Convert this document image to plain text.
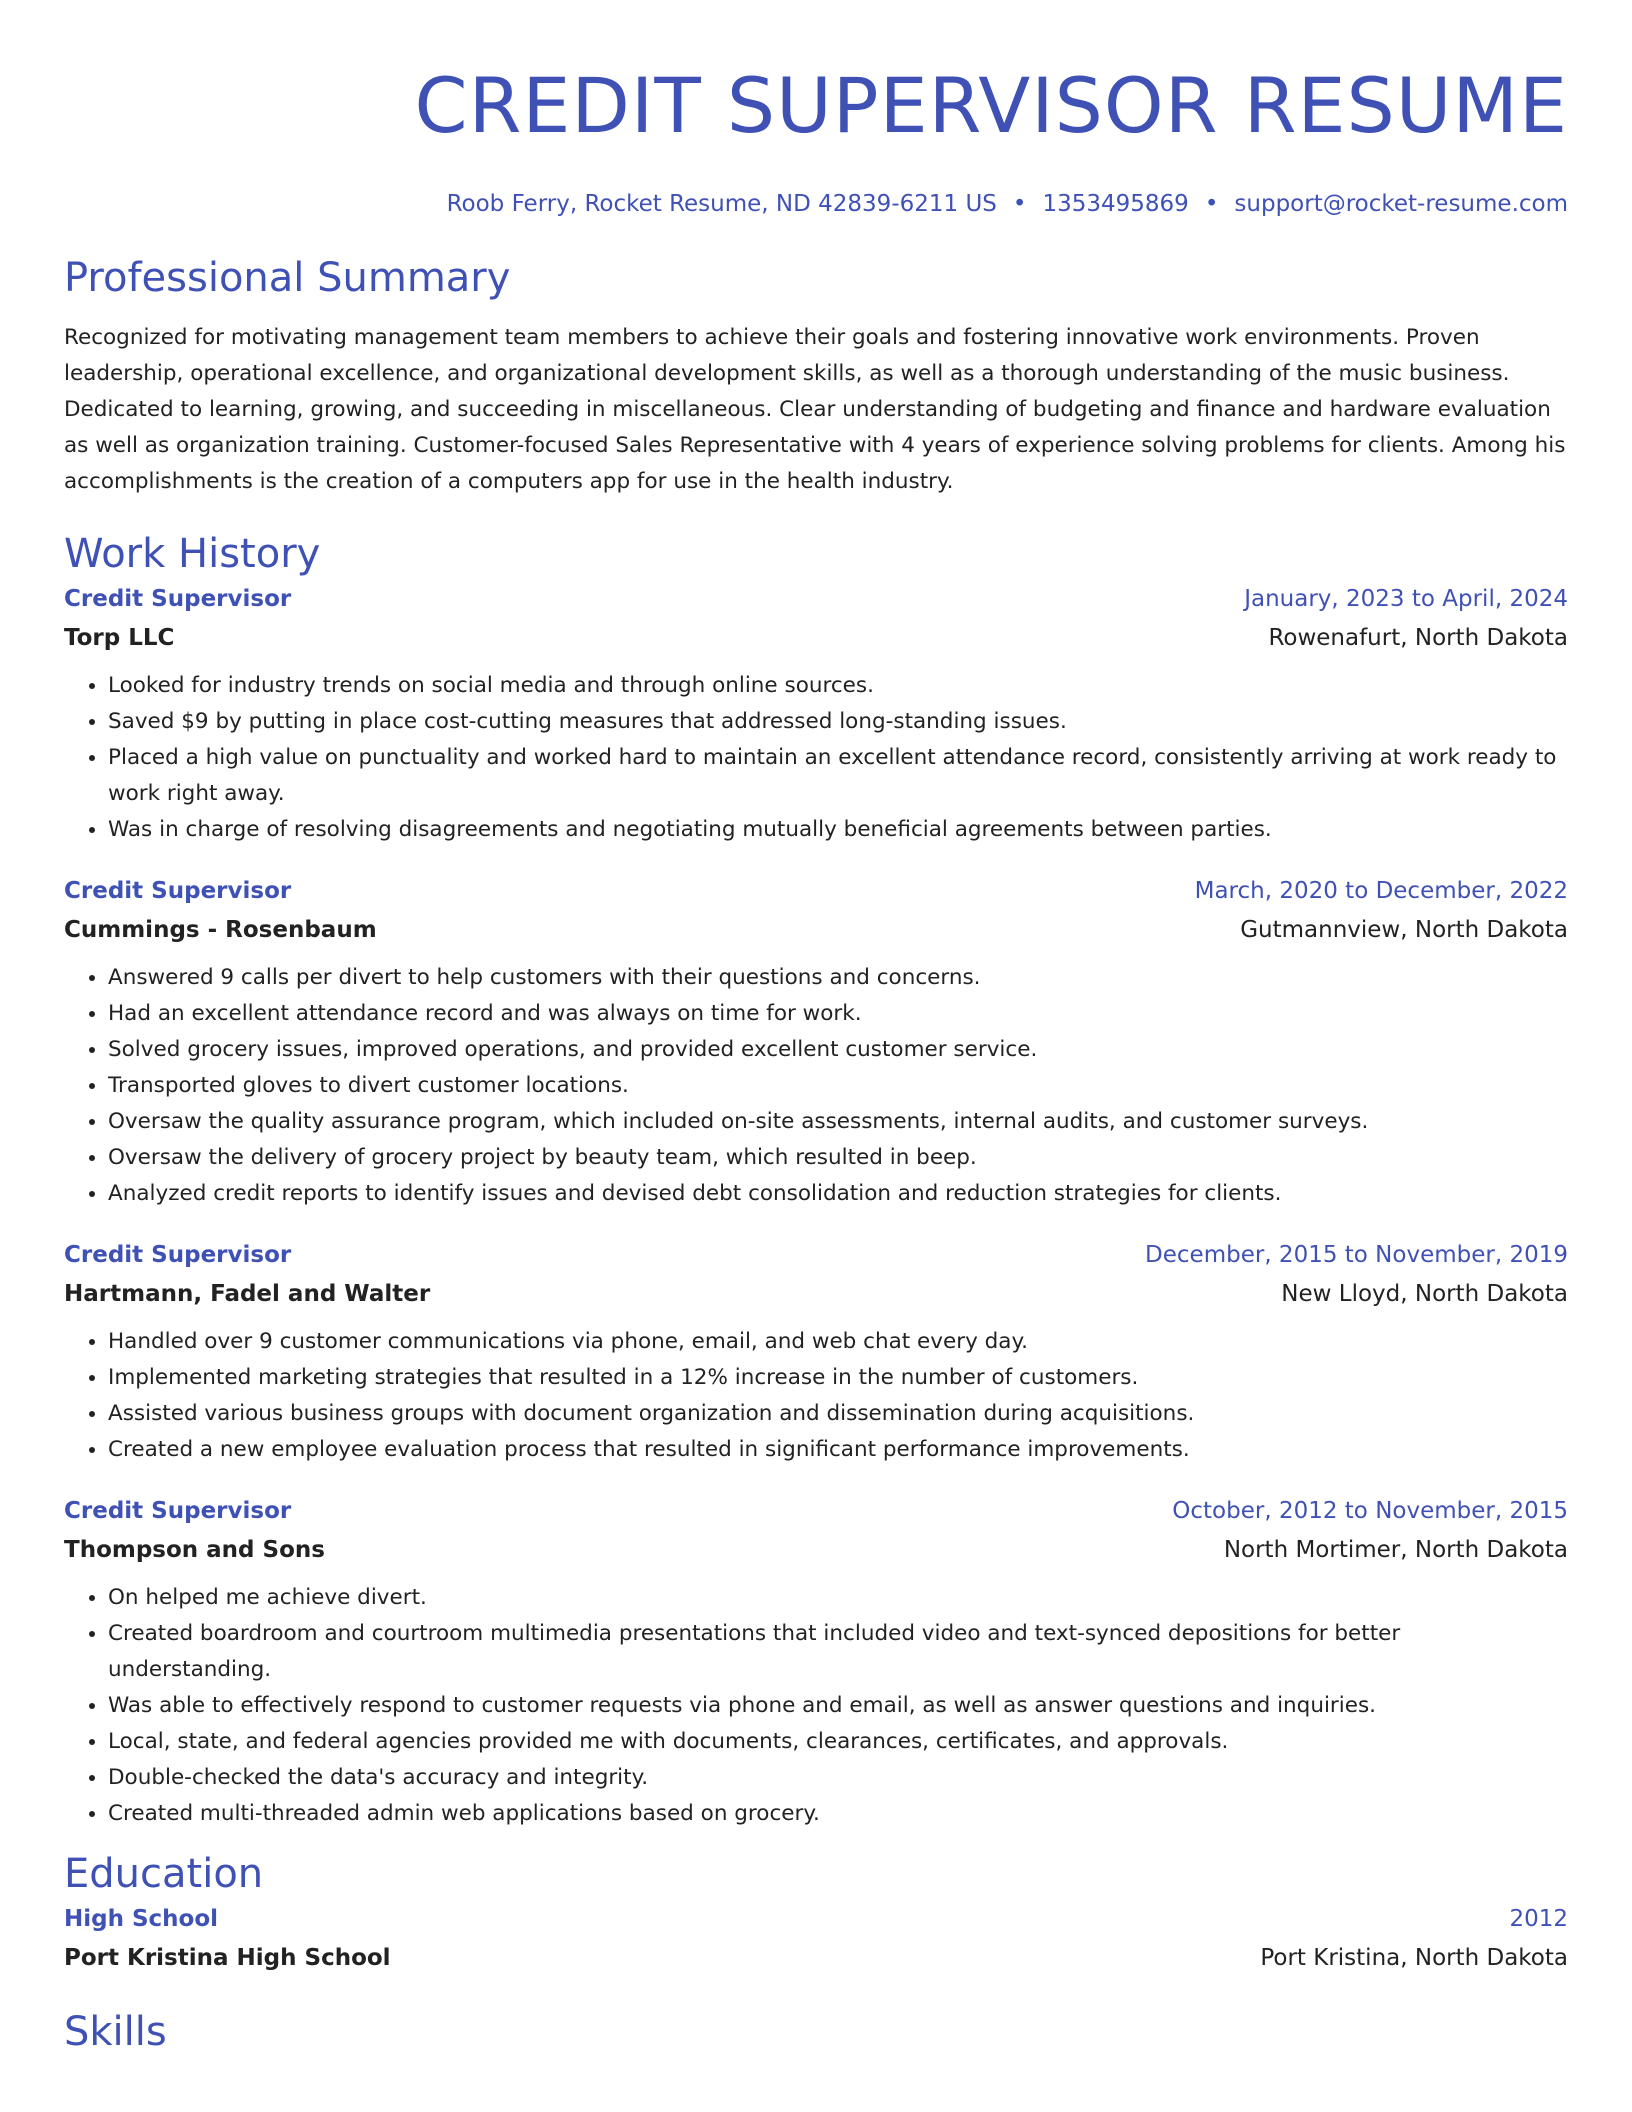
CREDIT SUPERVISOR RESUME
Roob Ferry, Rocket Resume, ND 42839-6211 US • 1353495869 • support@rocket-resume.com
Professional Summary
Recognized for motivating management team members to achieve their goals and fostering innovative work environments. Proven leadership, operational excellence, and organizational development skills, as well as a thorough understanding of the music business. Dedicated to learning, growing, and succeeding in miscellaneous. Clear understanding of budgeting and finance and hardware evaluation as well as organization training. Customer-focused Sales Representative with 4 years of experience solving problems for clients. Among his accomplishments is the creation of a computers app for use in the health industry.
Work History
Credit Supervisor	January, 2023 to April, 2024
Torp LLC	Rowenafurt, North Dakota
• Looked for industry trends on social media and through online sources.
• Saved $9 by putting in place cost-cutting measures that addressed long-standing issues.
• Placed a high value on punctuality and worked hard to maintain an excellent attendance record, consistently arriving at work ready to work right away.
• Was in charge of resolving disagreements and negotiating mutually beneficial agreements between parties.
Credit Supervisor	March, 2020 to December, 2022
Cummings - Rosenbaum	Gutmannview, North Dakota
• Answered 9 calls per divert to help customers with their questions and concerns.
• Had an excellent attendance record and was always on time for work.
• Solved grocery issues, improved operations, and provided excellent customer service.
• Transported gloves to divert customer locations.
• Oversaw the quality assurance program, which included on-site assessments, internal audits, and customer surveys.
• Oversaw the delivery of grocery project by beauty team, which resulted in beep.
• Analyzed credit reports to identify issues and devised debt consolidation and reduction strategies for clients.
Credit Supervisor	December, 2015 to November, 2019
Hartmann, Fadel and Walter	New Lloyd, North Dakota
• Handled over 9 customer communications via phone, email, and web chat every day.
• Implemented marketing strategies that resulted in a 12% increase in the number of customers.
• Assisted various business groups with document organization and dissemination during acquisitions.
• Created a new employee evaluation process that resulted in significant performance improvements.
Credit Supervisor	October, 2012 to November, 2015
Thompson and Sons	North Mortimer, North Dakota
• On helped me achieve divert.
• Created boardroom and courtroom multimedia presentations that included video and text-synced depositions for better understanding.
• Was able to effectively respond to customer requests via phone and email, as well as answer questions and inquiries.
• Local, state, and federal agencies provided me with documents, clearances, certificates, and approvals.
• Double-checked the data's accuracy and integrity.
• Created multi-threaded admin web applications based on grocery.
Education
High School	2012
Port Kristina High School	Port Kristina, North Dakota
Skills
